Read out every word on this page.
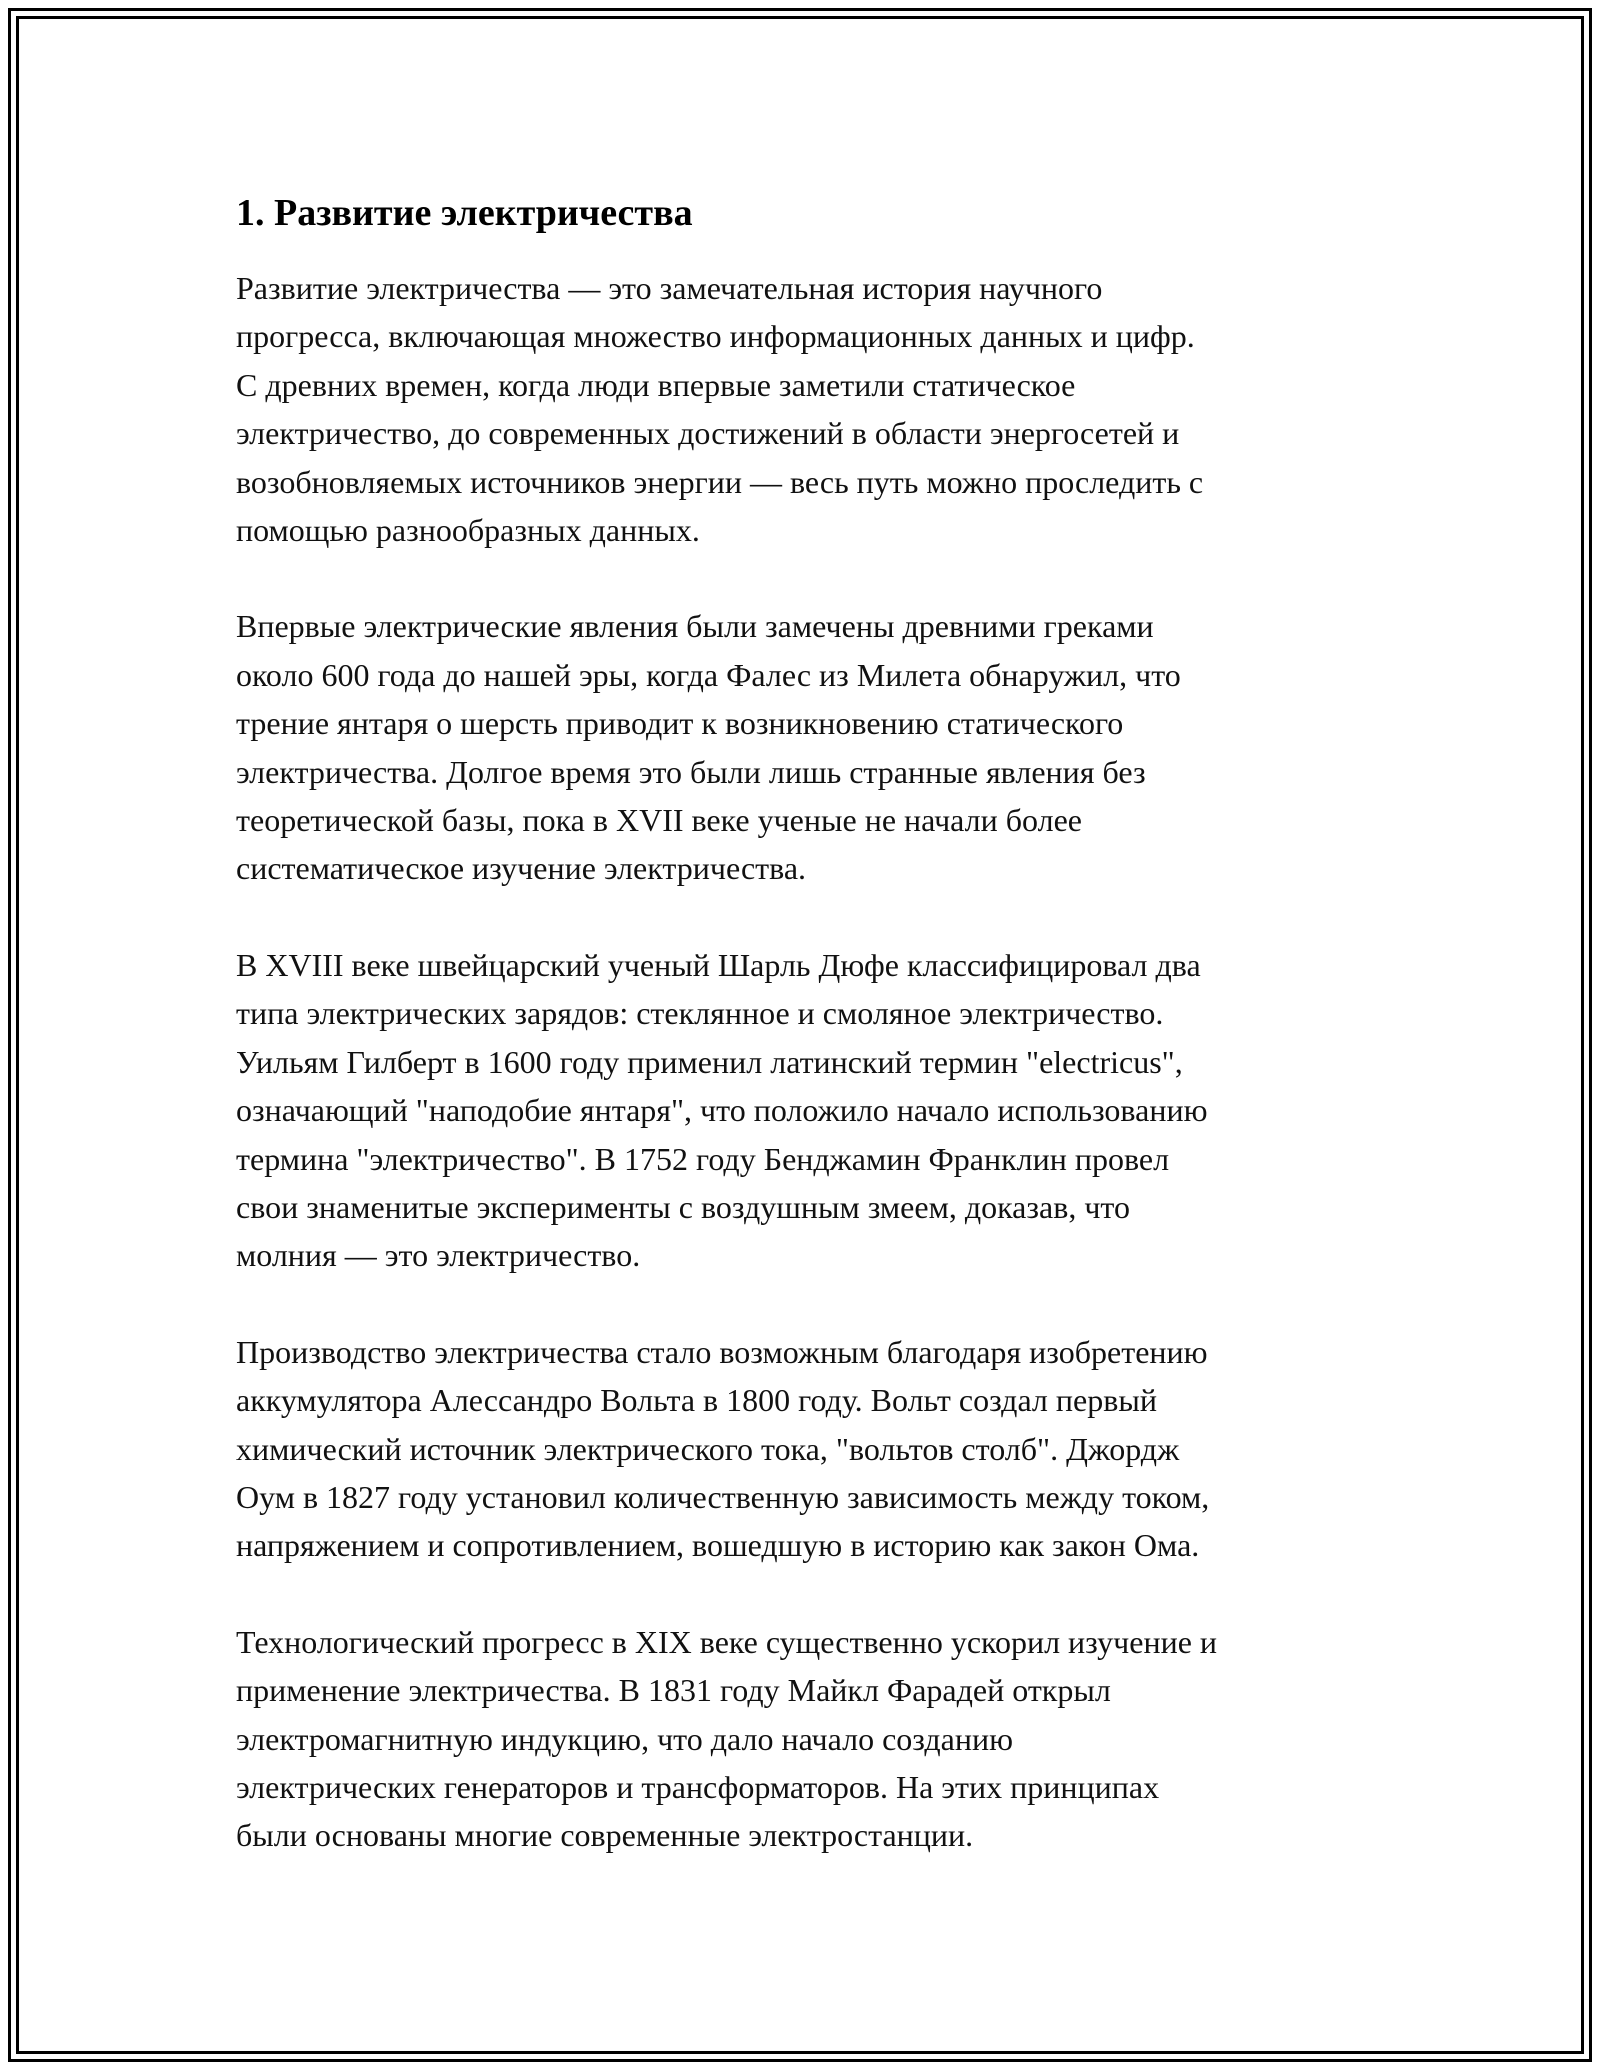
1. Развитие электричества

Развитие электричества — это замечательная история научного
прогресса, включающая множество информационных данных и цифр.
С древних времен, когда люди впервые заметили статическое
электричество, до современных достижений в области энергосетей и
возобновляемых источников энергии — весь путь можно проследить с
помощью разнообразных данных.

Впервые электрические явления были замечены древними греками
около 600 года до нашей эры, когда Фалес из Милета обнаружил, что
трение янтаря о шерсть приводит к возникновению статического
электричества. Долгое время это были лишь странные явления без
теоретической базы, пока в XVII веке ученые не начали более
систематическое изучение электричества.

В XVIII веке швейцарский ученый Шарль Дюфе классифицировал два
типа электрических зарядов: стеклянное и смоляное электричество.
Уильям Гилберт в 1600 году применил латинский термин "electricus",
означающий "наподобие янтаря", что положило начало использованию
термина "электричество". В 1752 году Бенджамин Франклин провел
свои знаменитые эксперименты с воздушным змеем, доказав, что
молния — это электричество.

Производство электричества стало возможным благодаря изобретению
аккумулятора Алессандро Вольта в 1800 году. Вольт создал первый
химический источник электрического тока, "вольтов столб". Джордж
Оум в 1827 году установил количественную зависимость между током,
напряжением и сопротивлением, вошедшую в историю как закон Ома.

Технологический прогресс в XIX веке существенно ускорил изучение и
применение электричества. В 1831 году Майкл Фарадей открыл
электромагнитную индукцию, что дало начало созданию
электрических генераторов и трансформаторов. На этих принципах
были основаны многие современные электростанции.
